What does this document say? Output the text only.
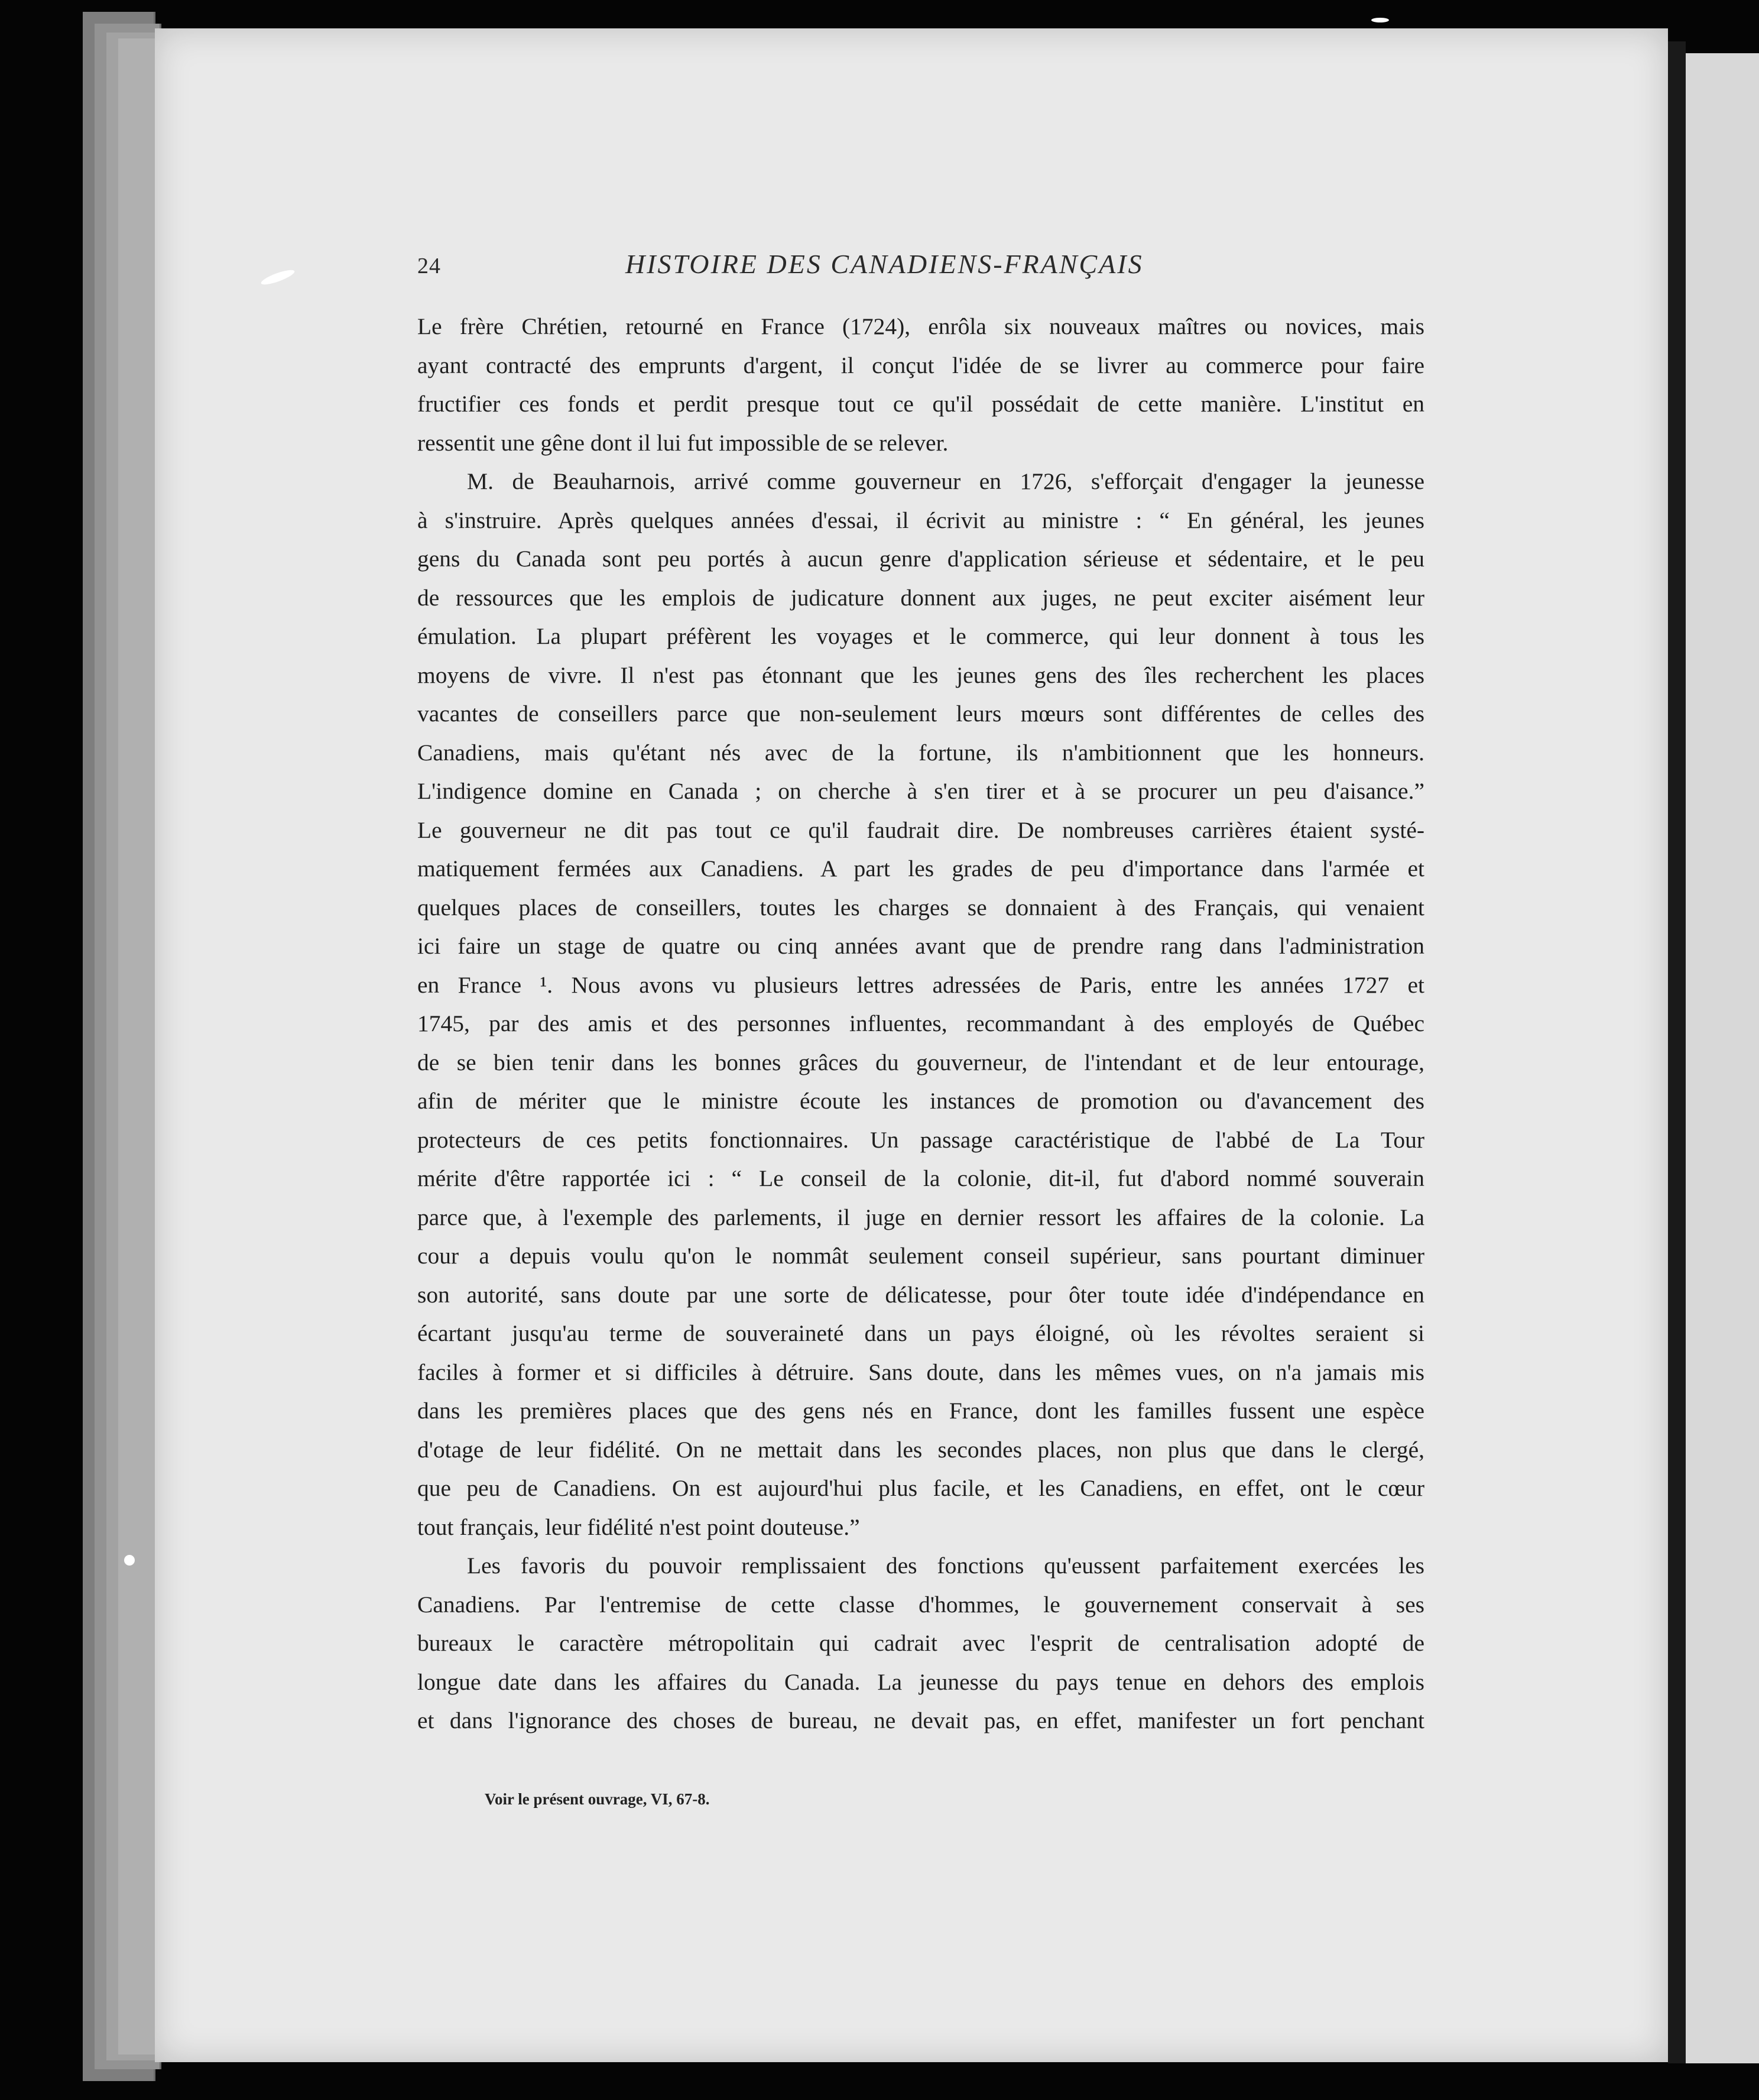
24	HISTOIRE DES CANADIENS-FRANÇAIS
Le frère Chrétien, retourné en France (1724), enrôla six nouveaux maîtres ou novices, mais
ayant contracté des emprunts d'argent, il conçut l'idée de se livrer au commerce pour faire
fructifier ces fonds et perdit presque tout ce qu'il possédait de cette manière. L'institut en
ressentit une gêne dont il lui fut impossible de se relever.
M. de Beauharnois, arrivé comme gouverneur en 1726, s'efforçait d'engager la jeunesse
à s'instruire. Après quelques années d'essai, il écrivit au ministre : “ En général, les jeunes
gens du Canada sont peu portés à aucun genre d'application sérieuse et sédentaire, et le peu
de ressources que les emplois de judicature donnent aux juges, ne peut exciter aisément leur
émulation. La plupart préfèrent les voyages et le commerce, qui leur donnent à tous les
moyens de vivre. Il n'est pas étonnant que les jeunes gens des îles recherchent les places
vacantes de conseillers parce que non-seulement leurs mœurs sont différentes de celles des
Canadiens, mais qu'étant nés avec de la fortune, ils n'ambitionnent que les honneurs.
L'indigence domine en Canada ; on cherche à s'en tirer et à se procurer un peu d'aisance.”
Le gouverneur ne dit pas tout ce qu'il faudrait dire. De nombreuses carrières étaient systé-
matiquement fermées aux Canadiens. A part les grades de peu d'importance dans l'armée et
quelques places de conseillers, toutes les charges se donnaient à des Français, qui venaient
ici faire un stage de quatre ou cinq années avant que de prendre rang dans l'administration
en France ¹. Nous avons vu plusieurs lettres adressées de Paris, entre les années 1727 et
1745, par des amis et des personnes influentes, recommandant à des employés de Québec
de se bien tenir dans les bonnes grâces du gouverneur, de l'intendant et de leur entourage,
afin de mériter que le ministre écoute les instances de promotion ou d'avancement des
protecteurs de ces petits fonctionnaires. Un passage caractéristique de l'abbé de La Tour
mérite d'être rapportée ici : “ Le conseil de la colonie, dit-il, fut d'abord nommé souverain
parce que, à l'exemple des parlements, il juge en dernier ressort les affaires de la colonie. La
cour a depuis voulu qu'on le nommât seulement conseil supérieur, sans pourtant diminuer
son autorité, sans doute par une sorte de délicatesse, pour ôter toute idée d'indépendance en
écartant jusqu'au terme de souveraineté dans un pays éloigné, où les révoltes seraient si
faciles à former et si difficiles à détruire. Sans doute, dans les mêmes vues, on n'a jamais mis
dans les premières places que des gens nés en France, dont les familles fussent une espèce
d'otage de leur fidélité. On ne mettait dans les secondes places, non plus que dans le clergé,
que peu de Canadiens. On est aujourd'hui plus facile, et les Canadiens, en effet, ont le cœur
tout français, leur fidélité n'est point douteuse.”
Les favoris du pouvoir remplissaient des fonctions qu'eussent parfaitement exercées les
Canadiens. Par l'entremise de cette classe d'hommes, le gouvernement conservait à ses
bureaux le caractère métropolitain qui cadrait avec l'esprit de centralisation adopté de
longue date dans les affaires du Canada. La jeunesse du pays tenue en dehors des emplois
et dans l'ignorance des choses de bureau, ne devait pas, en effet, manifester un fort penchant
Voir le présent ouvrage, VI, 67-8.
